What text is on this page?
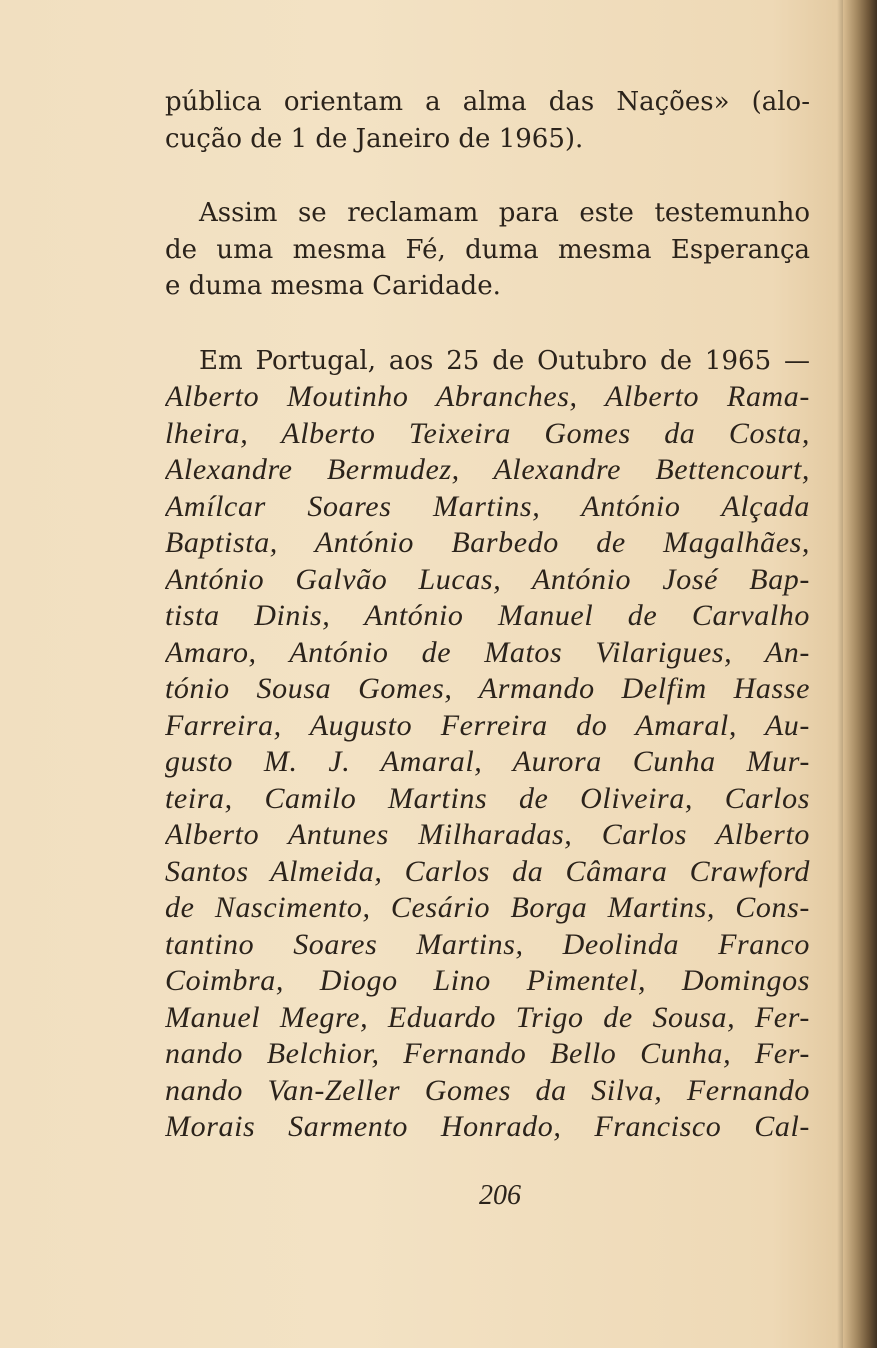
pública orientam a alma das Nações» (alo-
cução de 1 de Janeiro de 1965).
Assim se reclamam para este testemunho
de uma mesma Fé, duma mesma Esperança
e duma mesma Caridade.
Em Portugal, aos 25 de Outubro de 1965 —
Alberto Moutinho Abranches, Alberto Rama-
lheira, Alberto Teixeira Gomes da Costa,
Alexandre Bermudez, Alexandre Bettencourt,
Amílcar Soares Martins, António Alçada
Baptista, António Barbedo de Magalhães,
António Galvão Lucas, António José Bap-
tista Dinis, António Manuel de Carvalho
Amaro, António de Matos Vilarigues, An-
tónio Sousa Gomes, Armando Delfim Hasse
Farreira, Augusto Ferreira do Amaral, Au-
gusto M. J. Amaral, Aurora Cunha Mur-
teira, Camilo Martins de Oliveira, Carlos
Alberto Antunes Milharadas, Carlos Alberto
Santos Almeida, Carlos da Câmara Crawford
de Nascimento, Cesário Borga Martins, Cons-
tantino Soares Martins, Deolinda Franco
Coimbra, Diogo Lino Pimentel, Domingos
Manuel Megre, Eduardo Trigo de Sousa, Fer-
nando Belchior, Fernando Bello Cunha, Fer-
nando Van-Zeller Gomes da Silva, Fernando
Morais Sarmento Honrado, Francisco Cal-
206
